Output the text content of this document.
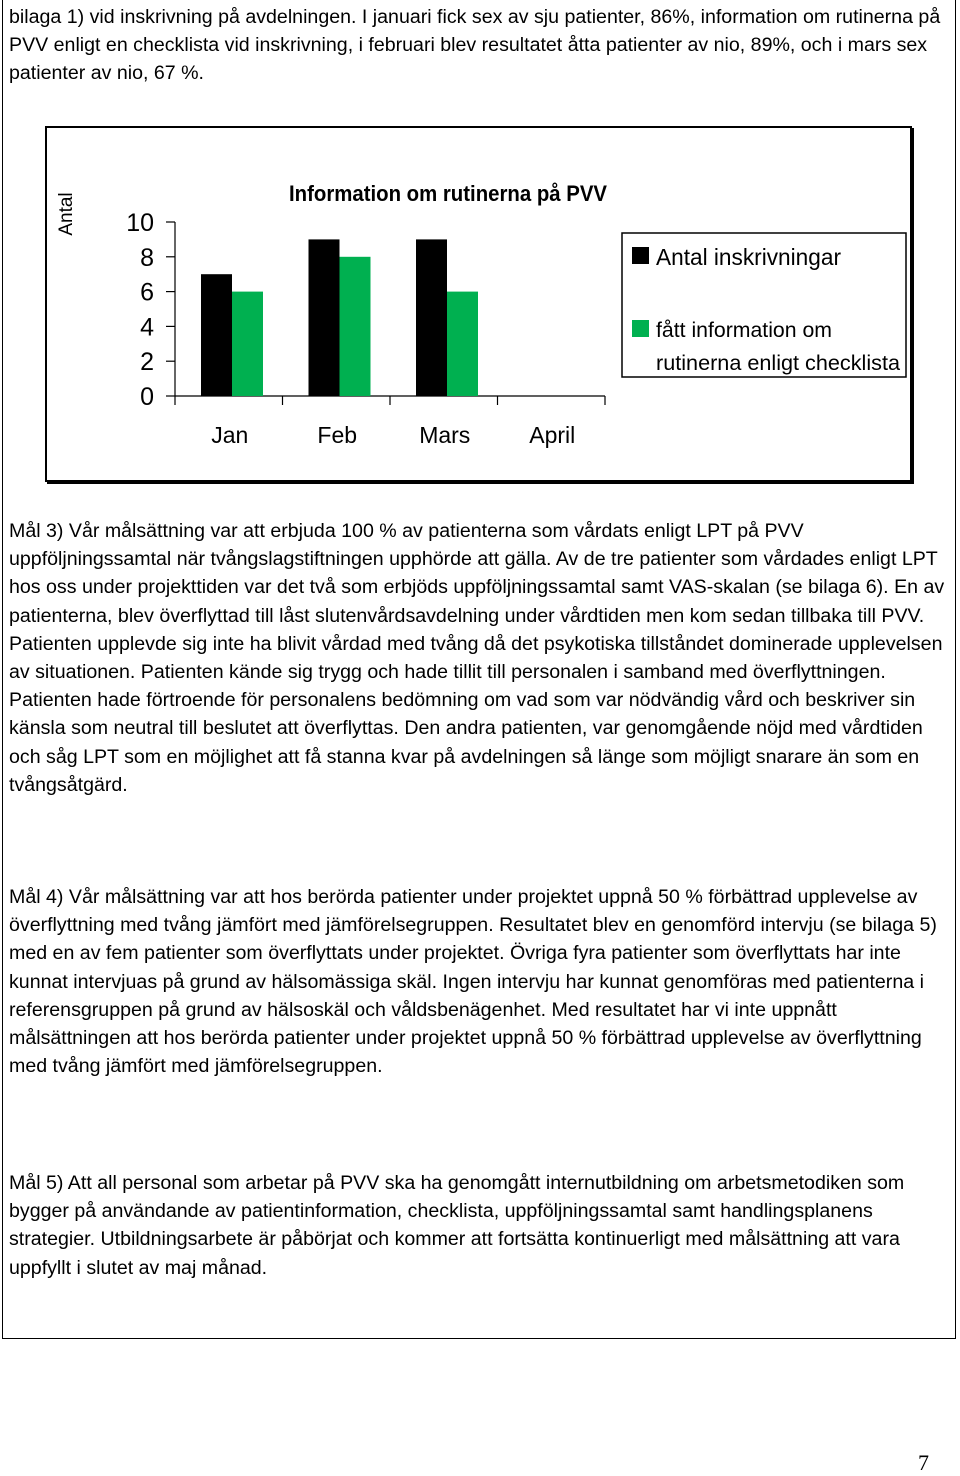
bilaga 1) vid inskrivning på avdelningen. I januari fick sex av sju patienter, 86%, information om rutinerna på PVV enligt en checklista vid inskrivning, i februari blev resultatet åtta patienter av nio, 89%, och i mars sex patienter av nio, 67 %.

Information om rutinerna på PVV
Antal 10
8
6
4
2
0
Jan	Feb	Mars	April
Antal inskrivningar
fått information om
rutinerna enligt checklista

Mål 3) Vår målsättning var att erbjuda 100 % av patienterna som vårdats enligt LPT på PVV uppföljningssamtal när tvångslagstiftningen upphörde att gälla. Av de tre patienter som vårdades enligt LPT hos oss under projekttiden var det två som erbjöds uppföljningssamtal samt VAS-skalan (se bilaga 6). En av patienterna, blev överflyttad till låst slutenvårdsavdelning under vårdtiden men kom sedan tillbaka till PVV. Patienten upplevde sig inte ha blivit vårdad med tvång då det psykotiska tillståndet dominerade upplevelsen av situationen. Patienten kände sig trygg och hade tillit till personalen i samband med överflyttningen. Patienten hade förtroende för personalens bedömning om vad som var nödvändig vård och beskriver sin känsla som neutral till beslutet att överflyttas. Den andra patienten, var genomgående nöjd med vårdtiden och såg LPT som en möjlighet att få stanna kvar på avdelningen så länge som möjligt snarare än som en tvångsåtgärd.

Mål 4) Vår målsättning var att hos berörda patienter under projektet uppnå 50 % förbättrad upplevelse av överflyttning med tvång jämfört med jämförelsegruppen. Resultatet blev en genomförd intervju (se bilaga 5) med en av fem patienter som överflyttats under projektet. Övriga fyra patienter som överflyttats har inte kunnat intervjuas på grund av hälsomässiga skäl. Ingen intervju har kunnat genomföras med patienterna i referensgruppen på grund av hälsoskäl och våldsbenägenhet. Med resultatet har vi inte uppnått målsättningen att hos berörda patienter under projektet uppnå 50 % förbättrad upplevelse av överflyttning med tvång jämfört med jämförelsegruppen.

Mål 5) Att all personal som arbetar på PVV ska ha genomgått internutbildning om arbetsmetodiken som bygger på användande av patientinformation, checklista, uppföljningssamtal samt handlingsplanens strategier. Utbildningsarbete är påbörjat och kommer att fortsätta kontinuerligt med målsättning att vara uppfyllt i slutet av maj månad.

7
